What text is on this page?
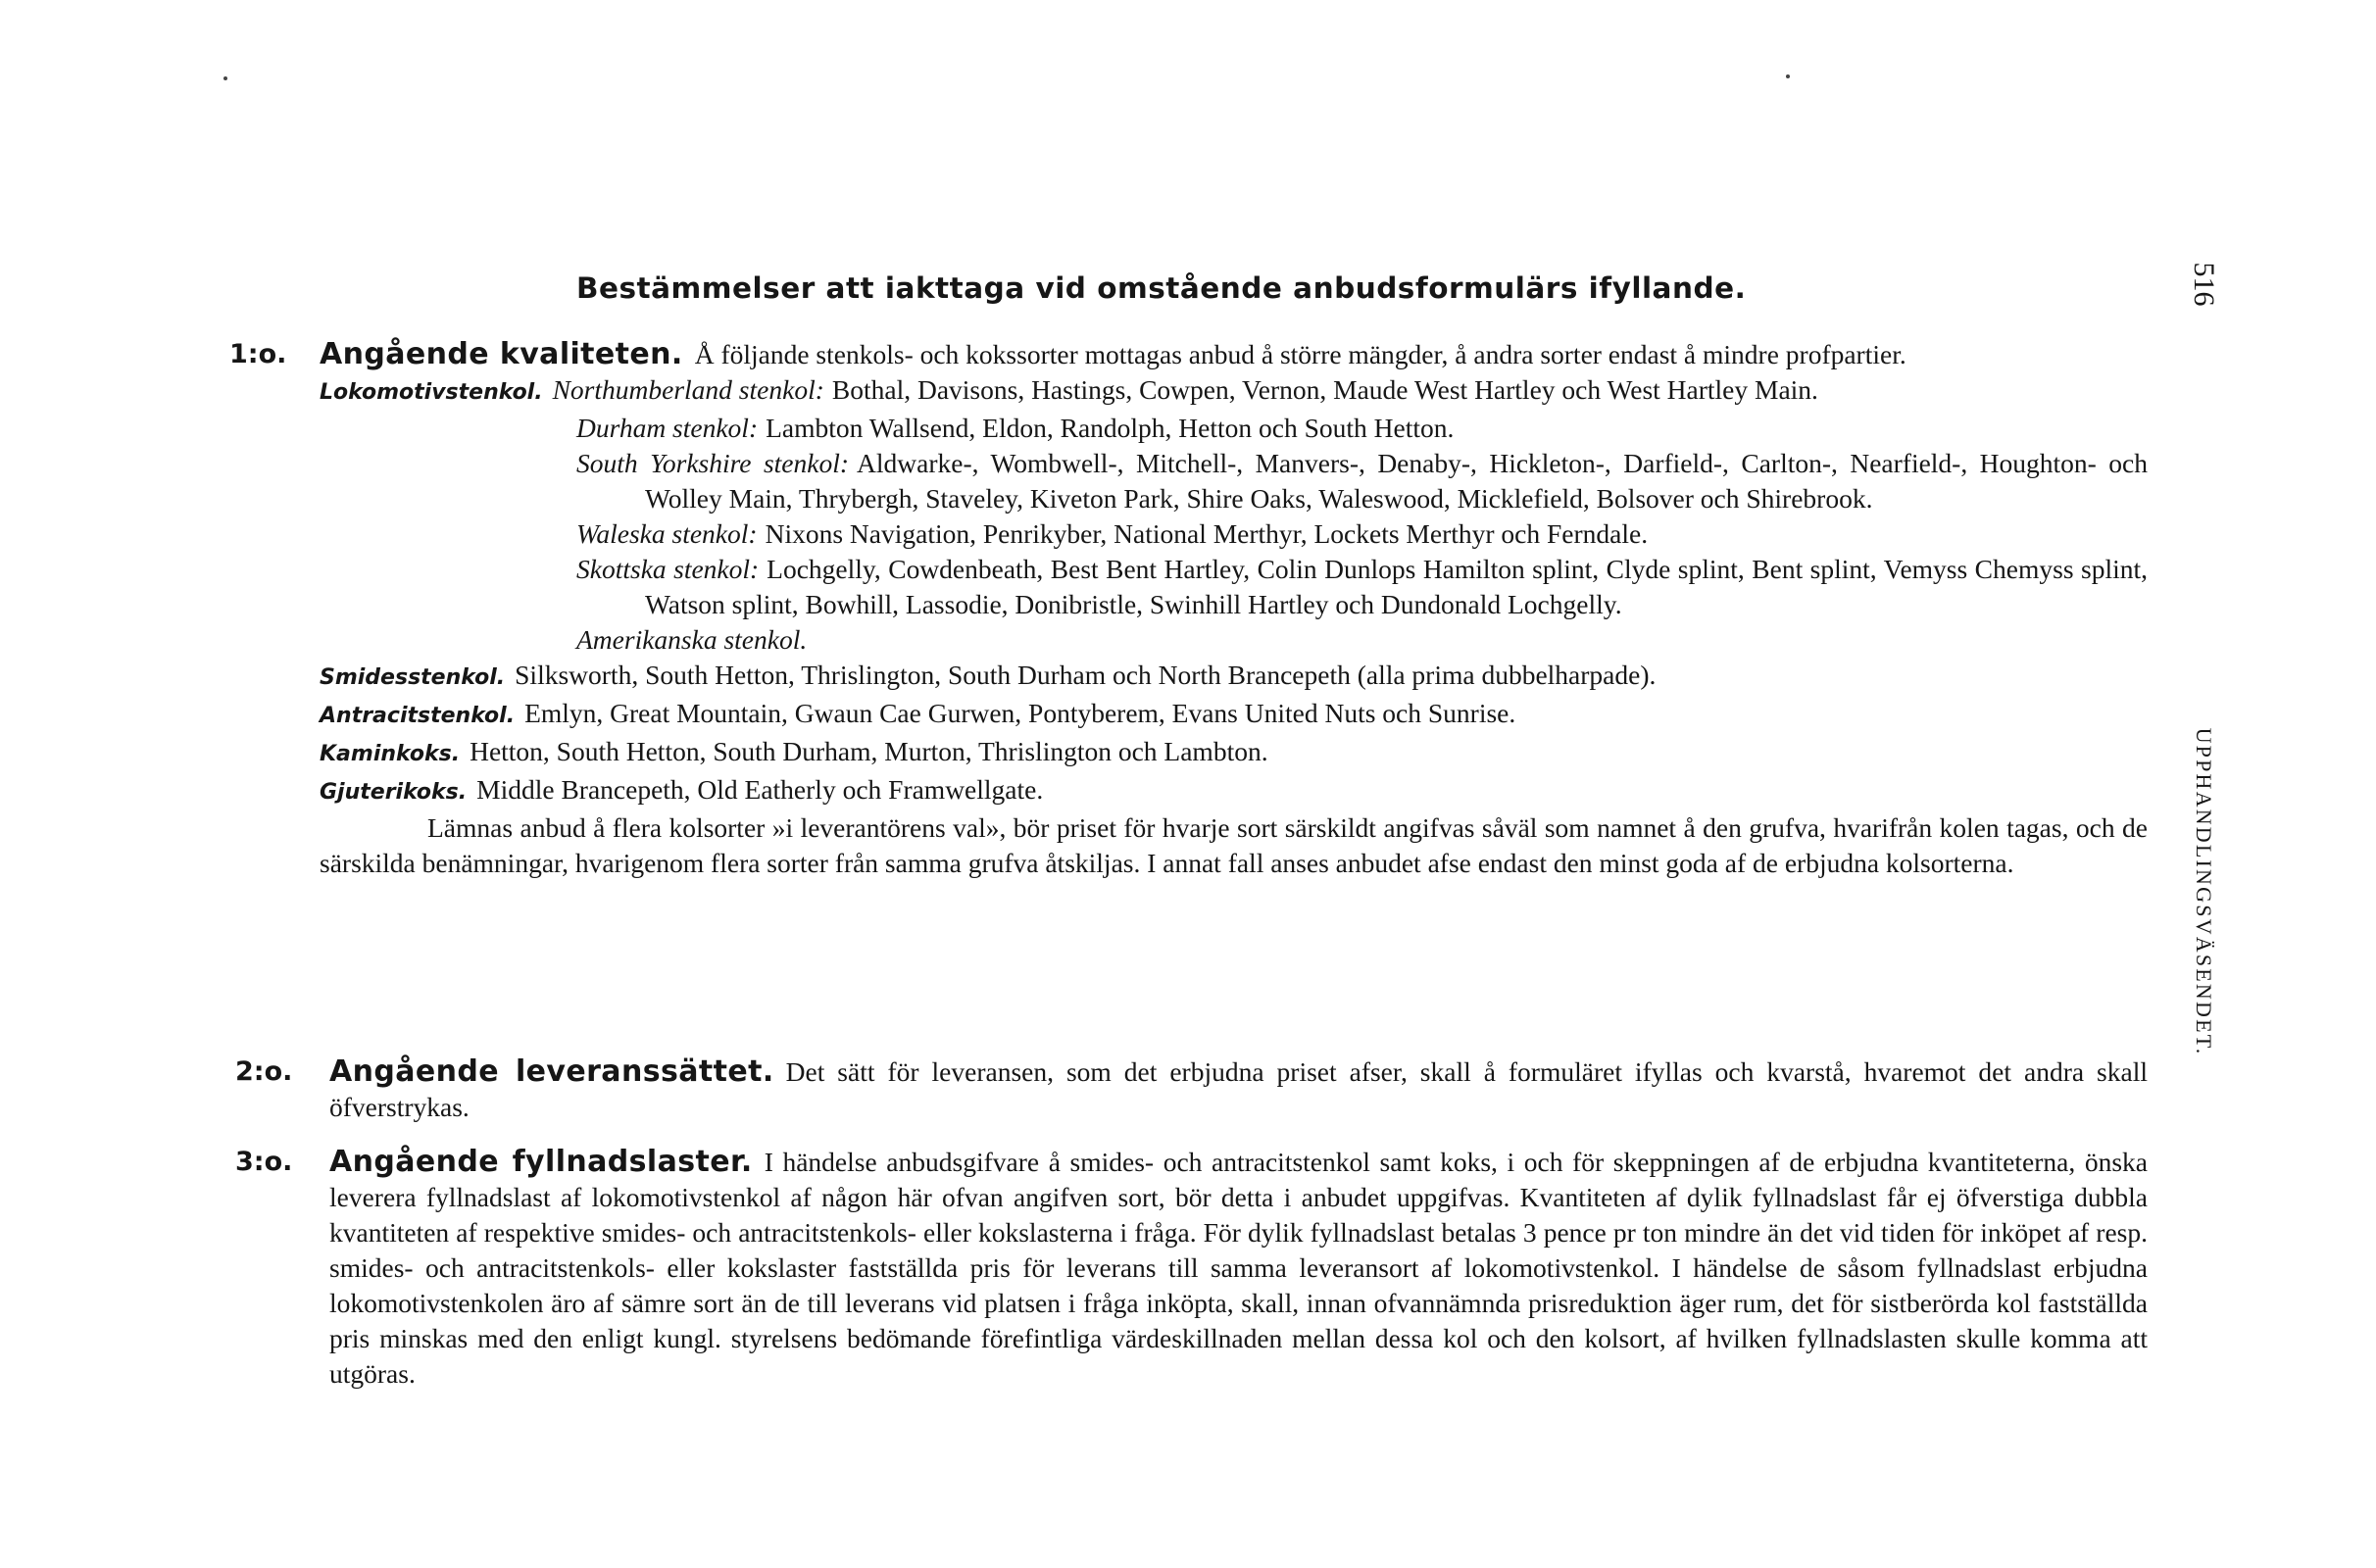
Bestämmelser att iakttaga vid omstående anbudsformulärs ifyllande.	516
UPPHANDLINGSVÄSENDET.
1:o. Angående kvaliteten. Å följande stenkols- och kokssorter mottagas anbud å större mängder, å andra sorter endast å mindre profpartier.
Lokomotivstenkol. Northumberland stenkol: Bothal, Davisons, Hastings, Cowpen, Vernon, Maude West Hartley och West Hartley Main.
Durham stenkol: Lambton Wallsend, Eldon, Randolph, Hetton och South Hetton.
South Yorkshire stenkol: Aldwarke-, Wombwell-, Mitchell-, Manvers-, Denaby-, Hickleton-, Darfield-, Carlton-, Nearfield-, Houghton- och Wolley Main, Thrybergh, Staveley, Kiveton Park, Shire Oaks, Waleswood, Micklefield, Bolsover och Shirebrook.
Waleska stenkol: Nixons Navigation, Penrikyber, National Merthyr, Lockets Merthyr och Ferndale.
Skottska stenkol: Lochgelly, Cowdenbeath, Best Bent Hartley, Colin Dunlops Hamilton splint, Clyde splint, Bent splint, Vemyss Chemyss splint, Watson splint, Bowhill, Lassodie, Donibristle, Swinhill Hartley och Dundonald Lochgelly.
Amerikanska stenkol.
Smidesstenkol. Silksworth, South Hetton, Thrislington, South Durham och North Brancepeth (alla prima dubbelharpade).
Antracitstenkol. Emlyn, Great Mountain, Gwaun Cae Gurwen, Pontyberem, Evans United Nuts och Sunrise.
Kaminkoks. Hetton, South Hetton, South Durham, Murton, Thrislington och Lambton.
Gjuterikoks. Middle Brancepeth, Old Eatherly och Framwellgate.
Lämnas anbud å flera kolsorter »i leverantörens val», bör priset för hvarje sort särskildt angifvas såväl som namnet å den grufva, hvarifrån kolen tagas, och de särskilda benämningar, hvarigenom flera sorter från samma grufva åtskiljas. I annat fall anses anbudet afse endast den minst goda af de erbjudna kolsorterna.
2:o. Angående leveranssättet. Det sätt för leveransen, som det erbjudna priset afser, skall å formuläret ifyllas och kvarstå, hvaremot det andra skall öfverstrykas.
3:o. Angående fyllnadslaster. I händelse anbudsgifvare å smides- och antracitstenkol samt koks, i och för skeppningen af de erbjudna kvantiteterna, önska leverera fyllnadslast af lokomotivstenkol af någon här ofvan angifven sort, bör detta i anbudet uppgifvas. Kvantiteten af dylik fyllnadslast får ej öfverstiga dubbla kvantiteten af respektive smides- och antracitstenkols- eller kokslasterna i fråga. För dylik fyllnadslast betalas 3 pence pr ton mindre än det vid tiden för inköpet af resp. smides- och antracitstenkols- eller kokslaster fastställda pris för leverans till samma leveransort af lokomotivstenkol. I händelse de såsom fyllnadslast erbjudna lokomotivstenkolen äro af sämre sort än de till leverans vid platsen i fråga inköpta, skall, innan ofvannämnda prisreduktion äger rum, det för sistberörda kol fastställda pris minskas med den enligt kungl. styrelsens bedömande förefintliga värdeskillnaden mellan dessa kol och den kolsort, af hvilken fyllnadslasten skulle komma att utgöras.
